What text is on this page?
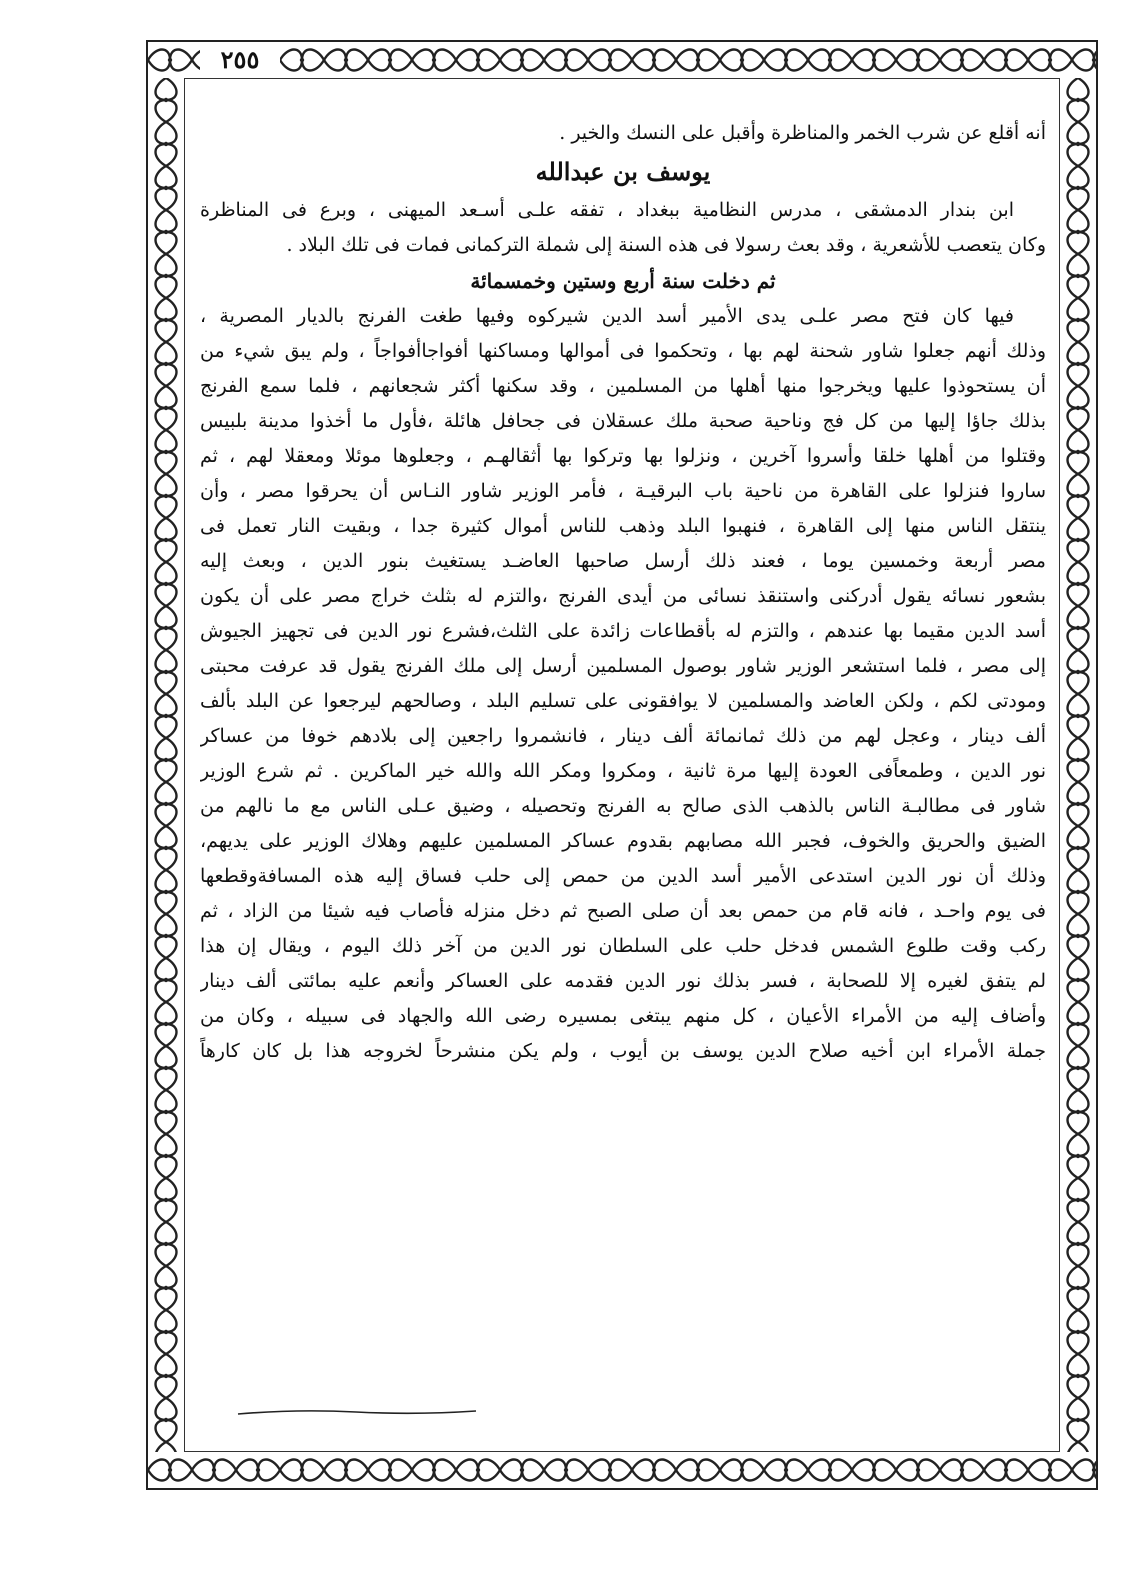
٢٥٥
أنه أقلع عن شرب الخمر والمناظرة وأقبل على النسك والخير .
يوسف بن عبدالله
ابن بندار الدمشقى ، مدرس النظامية ببغداد ، تفقه علـى أسـعد الميهنى ، وبرع فى المناظرة
وكان يتعصب للأشعرية ، وقد بعث رسولا فى هذه السنة إلى شملة التركمانى فمات فى تلك البلاد .
ثم دخلت سنة أربع وستين وخمسمائة
فيها كان فتح مصر علـى يدى الأمير أسد الدين شيركوه وفيها طغت الفرنج بالديار المصرية ،
وذلك أنهم جعلوا شاور شحنة لهم بها ، وتحكموا فى أموالها ومساكنها أفواجاأفواجاً ، ولم يبق شيء من
أن يستحوذوا عليها ويخرجوا منها أهلها من المسلمين ، وقد سكنها أكثر شجعانهم ، فلما سمع الفرنج
بذلك جاؤا إليها من كل فج وناحية صحبة ملك عسقلان فى جحافل هائلة ،فأول ما أخذوا مدينة بلبيس
وقتلوا من أهلها خلقا وأسروا آخرين ، ونزلوا بها وتركوا بها أثقالهـم ، وجعلوها موئلا ومعقلا لهم ، ثم
ساروا فنزلوا على القاهرة من ناحية باب البرقيـة ، فأمر الوزير شاور النـاس أن يحرقوا مصر ، وأن
ينتقل الناس منها إلى القاهرة ، فنهبوا البلد وذهب للناس أموال كثيرة جدا ، وبقيت النار تعمل فى
مصر أربعة وخمسين يوما ، فعند ذلك أرسل صاحبها العاضـد يستغيث بنور الدين ، وبعث إليه
بشعور نسائه يقول أدركنى واستنقذ نسائى من أيدى الفرنج ،والتزم له بثلث خراج مصر على أن يكون
أسد الدين مقيما بها عندهم ، والتزم له بأقطاعات زائدة على الثلث،فشرع نور الدين فى تجهيز الجيوش
إلى مصر ، فلما استشعر الوزير شاور بوصول المسلمين أرسل إلى ملك الفرنج يقول قد عرفت محبتى
ومودتى لكم ، ولكن العاضد والمسلمين لا يوافقونى على تسليم البلد ، وصالحهم ليرجعوا عن البلد بألف
ألف دينار ، وعجل لهم من ذلك ثمانمائة ألف دينار ، فانشمروا راجعين إلى بلادهم خوفا من عساكر
نور الدين ، وطمعاًفى العودة إليها مرة ثانية ، ومكروا ومكر الله والله خير الماكرين . ثم شرع الوزير
شاور فى مطالبـة الناس بالذهب الذى صالح به الفرنج وتحصيله ، وضيق عـلى الناس مع ما نالهم من
الضيق والحريق والخوف، فجبر الله مصابهم بقدوم عساكر المسلمين عليهم وهلاك الوزير على يديهم،
وذلك أن نور الدين استدعى الأمير أسد الدين من حمص إلى حلب فساق إليه هذه المسافةوقطعها
فى يوم واحـد ، فانه قام من حمص بعد أن صلى الصبح ثم دخل منزله فأصاب فيه شيئا من الزاد ، ثم
ركب وقت طلوع الشمس فدخل حلب على السلطان نور الدين من آخر ذلك اليوم ، ويقال إن هذا
لم يتفق لغيره إلا للصحابة ، فسر بذلك نور الدين فقدمه على العساكر وأنعم عليه بمائتى ألف دينار
وأضاف إليه من الأمراء الأعيان ، كل منهم يبتغى بمسيره رضى الله والجهاد فى سبيله ، وكان من
جملة الأمراء ابن أخيه صلاح الدين يوسف بن أيوب ، ولم يكن منشرحاً لخروجه هذا بل كان كارهاً
